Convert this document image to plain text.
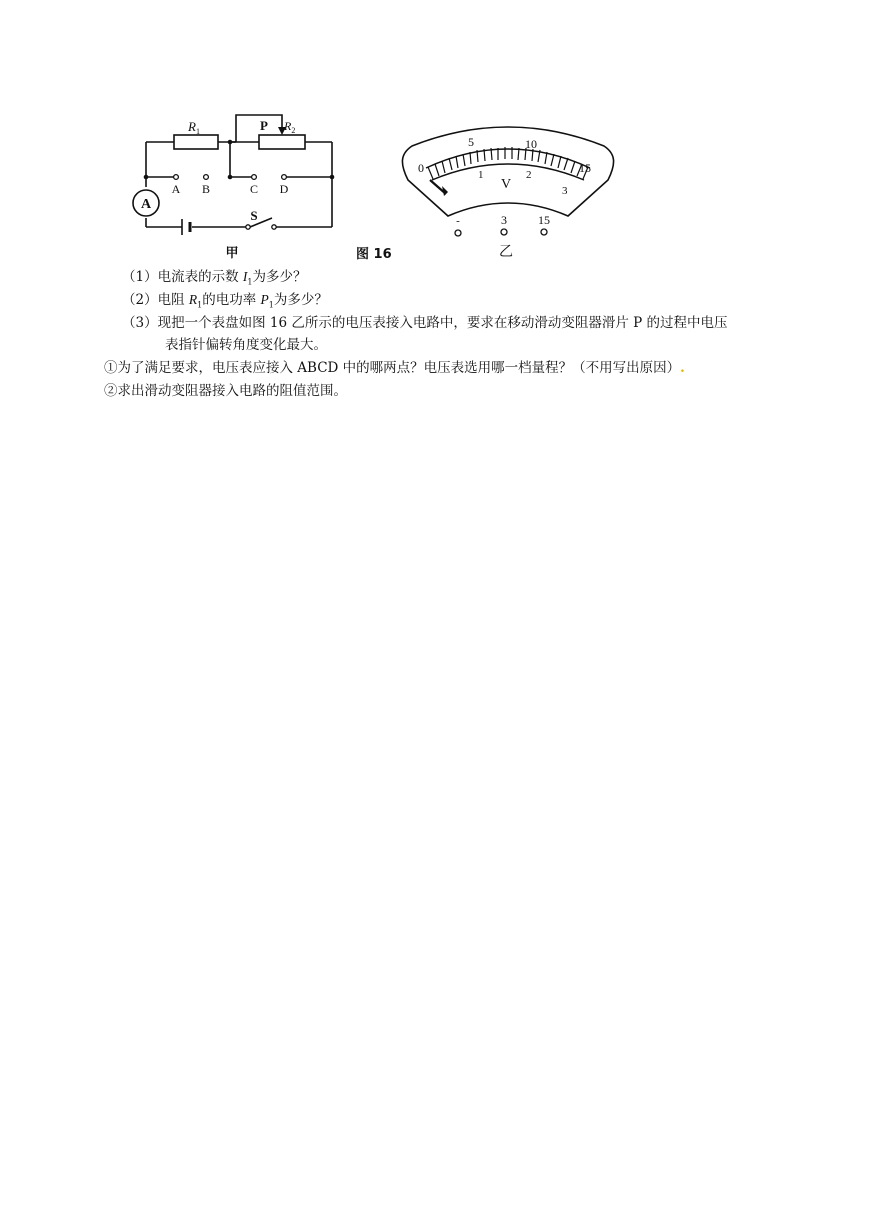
$R_1$	P $R_2$
A
A B	C D
S
甲	图 16
0
5	10
15
1	2
3
V
-	3	15
乙
（1）电流表的示数 $I_1$为多少？
（2）电阻 $R_1$的电功率 $P_1$为多少？
（3）现把一个表盘如图 16 乙所示的电压表接入电路中，要求在移动滑动变阻器滑片 P 的过程中电压
表指针偏转角度变化最大。
①为了满足要求，电压表应接入 ABCD 中的哪两点？电压表选用哪一档量程？（不用写出原因）.
②求出滑动变阻器接入电路的阻值范围。
